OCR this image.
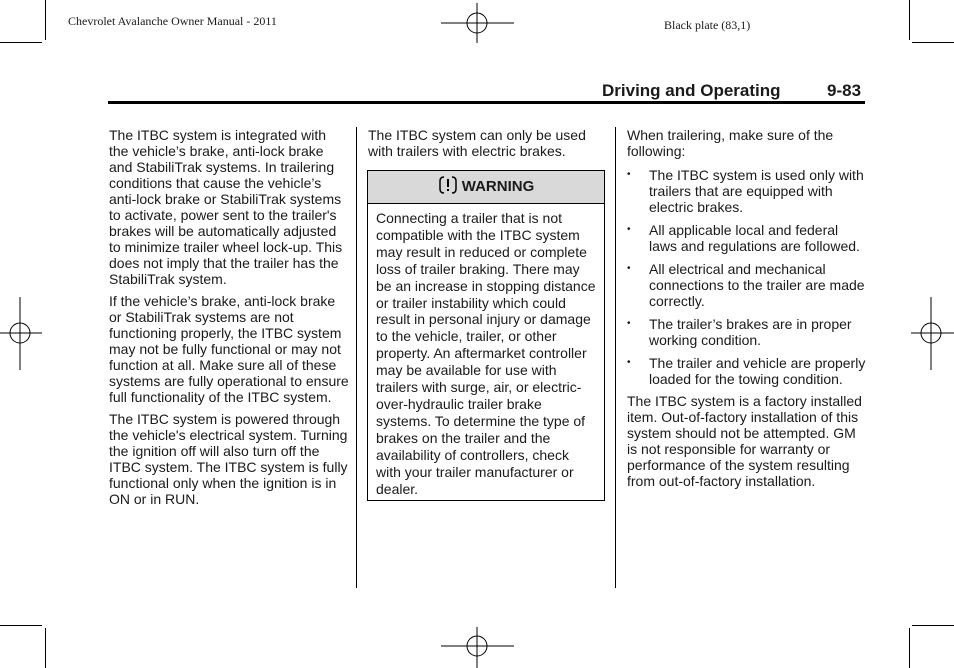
Chevrolet Avalanche Owner Manual - 2011	Black plate (83,1)
Driving and Operating	9-83

The ITBC system is integrated with the vehicle’s brake, anti-lock brake and StabiliTrak systems. In trailering conditions that cause the vehicle’s anti-lock brake or StabiliTrak systems to activate, power sent to the trailer's brakes will be automatically adjusted to minimize trailer wheel lock-up. This does not imply that the trailer has the StabiliTrak system.

If the vehicle’s brake, anti-lock brake or StabiliTrak systems are not functioning properly, the ITBC system may not be fully functional or may not function at all. Make sure all of these systems are fully operational to ensure full functionality of the ITBC system.

The ITBC system is powered through the vehicle's electrical system. Turning the ignition off will also turn off the ITBC system. The ITBC system is fully functional only when the ignition is in ON or in RUN.

The ITBC system can only be used with trailers with electric brakes.

WARNING
Connecting a trailer that is not compatible with the ITBC system may result in reduced or complete loss of trailer braking. There may be an increase in stopping distance or trailer instability which could result in personal injury or damage to the vehicle, trailer, or other property. An aftermarket controller may be available for use with trailers with surge, air, or electric-over-hydraulic trailer brake systems. To determine the type of brakes on the trailer and the availability of controllers, check with your trailer manufacturer or dealer.

When trailering, make sure of the following:

• The ITBC system is used only with trailers that are equipped with electric brakes.
• All applicable local and federal laws and regulations are followed.
• All electrical and mechanical connections to the trailer are made correctly.
• The trailer’s brakes are in proper working condition.
• The trailer and vehicle are properly loaded for the towing condition.

The ITBC system is a factory installed item. Out-of-factory installation of this system should not be attempted. GM is not responsible for warranty or performance of the system resulting from out-of-factory installation.
